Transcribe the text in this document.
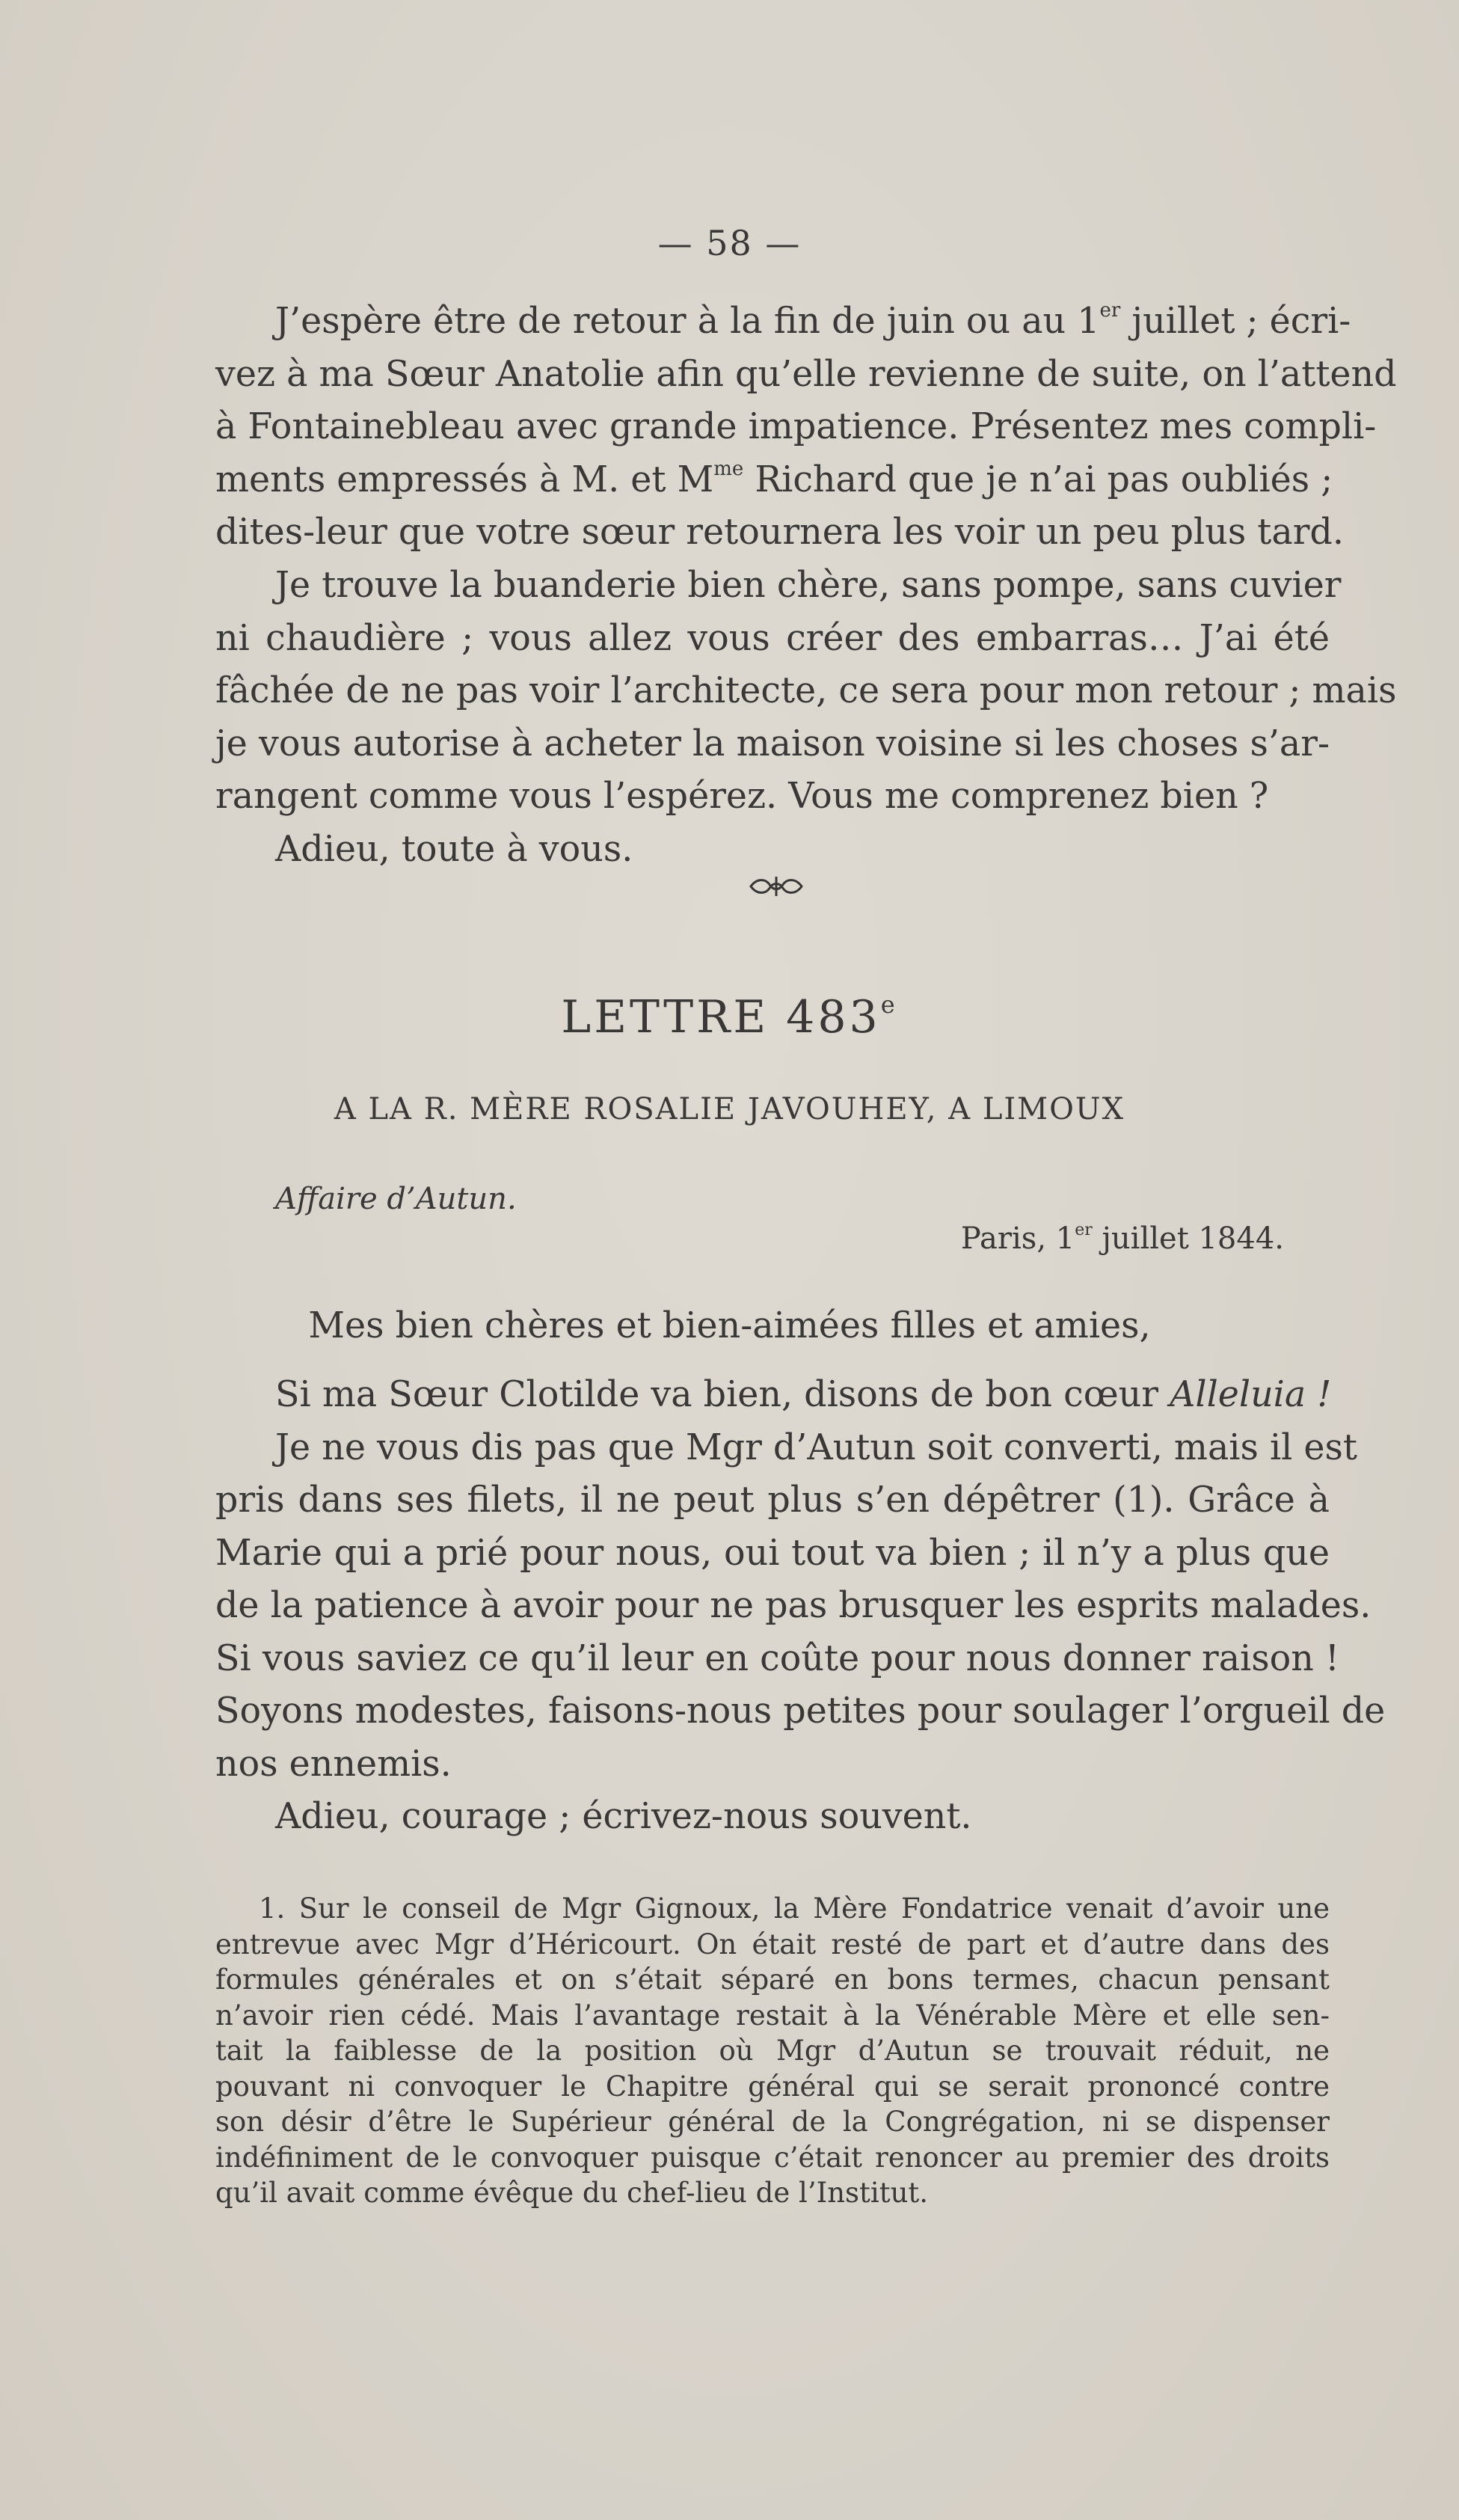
— 58 —

J’espère être de retour à la fin de juin ou au 1er juillet ; écri-
vez à ma Sœur Anatolie afin qu’elle revienne de suite, on l’attend
à Fontainebleau avec grande impatience. Présentez mes compli-
ments empressés à M. et $M^{me}$ Richard que je n’ai pas oubliés ;
dites-leur que votre sœur retournera les voir un peu plus tard.

Je trouve la buanderie bien chère, sans pompe, sans cuvier
ni chaudière ; vous allez vous créer des embarras… J’ai été
fâchée de ne pas voir l’architecte, ce sera pour mon retour ; mais
je vous autorise à acheter la maison voisine si les choses s’ar-
rangent comme vous l’espérez. Vous me comprenez bien ?
Adieu, toute à vous.

LETTRE 483e
A LA R. MÈRE ROSALIE JAVOUHEY, A LIMOUX
Affaire d’Autun.
Paris, 1er juillet 1844.
Mes bien chères et bien-aimées filles et amies,

Si ma Sœur Clotilde va bien, disons de bon cœur Alleluia !
Je ne vous dis pas que Mgr d’Autun soit converti, mais il est
pris dans ses filets, il ne peut plus s’en dépêtrer (1). Grâce à
Marie qui a prié pour nous, oui tout va bien ; il n’y a plus que
de la patience à avoir pour ne pas brusquer les esprits malades.
Si vous saviez ce qu’il leur en coûte pour nous donner raison !
Soyons modestes, faisons-nous petites pour soulager l’orgueil de
nos ennemis.
Adieu, courage ; écrivez-nous souvent.

1. Sur le conseil de Mgr Gignoux, la Mère Fondatrice venait d’avoir une
entrevue avec Mgr d’Héricourt. On était resté de part et d’autre dans des
formules générales et on s’était séparé en bons termes, chacun pensant
n’avoir rien cédé. Mais l’avantage restait à la Vénérable Mère et elle sen-
tait la faiblesse de la position où Mgr d’Autun se trouvait réduit, ne
pouvant ni convoquer le Chapitre général qui se serait prononcé contre
son désir d’être le Supérieur général de la Congrégation, ni se dispenser
indéfiniment de le convoquer puisque c’était renoncer au premier des droits
qu’il avait comme évêque du chef-lieu de l’Institut.
